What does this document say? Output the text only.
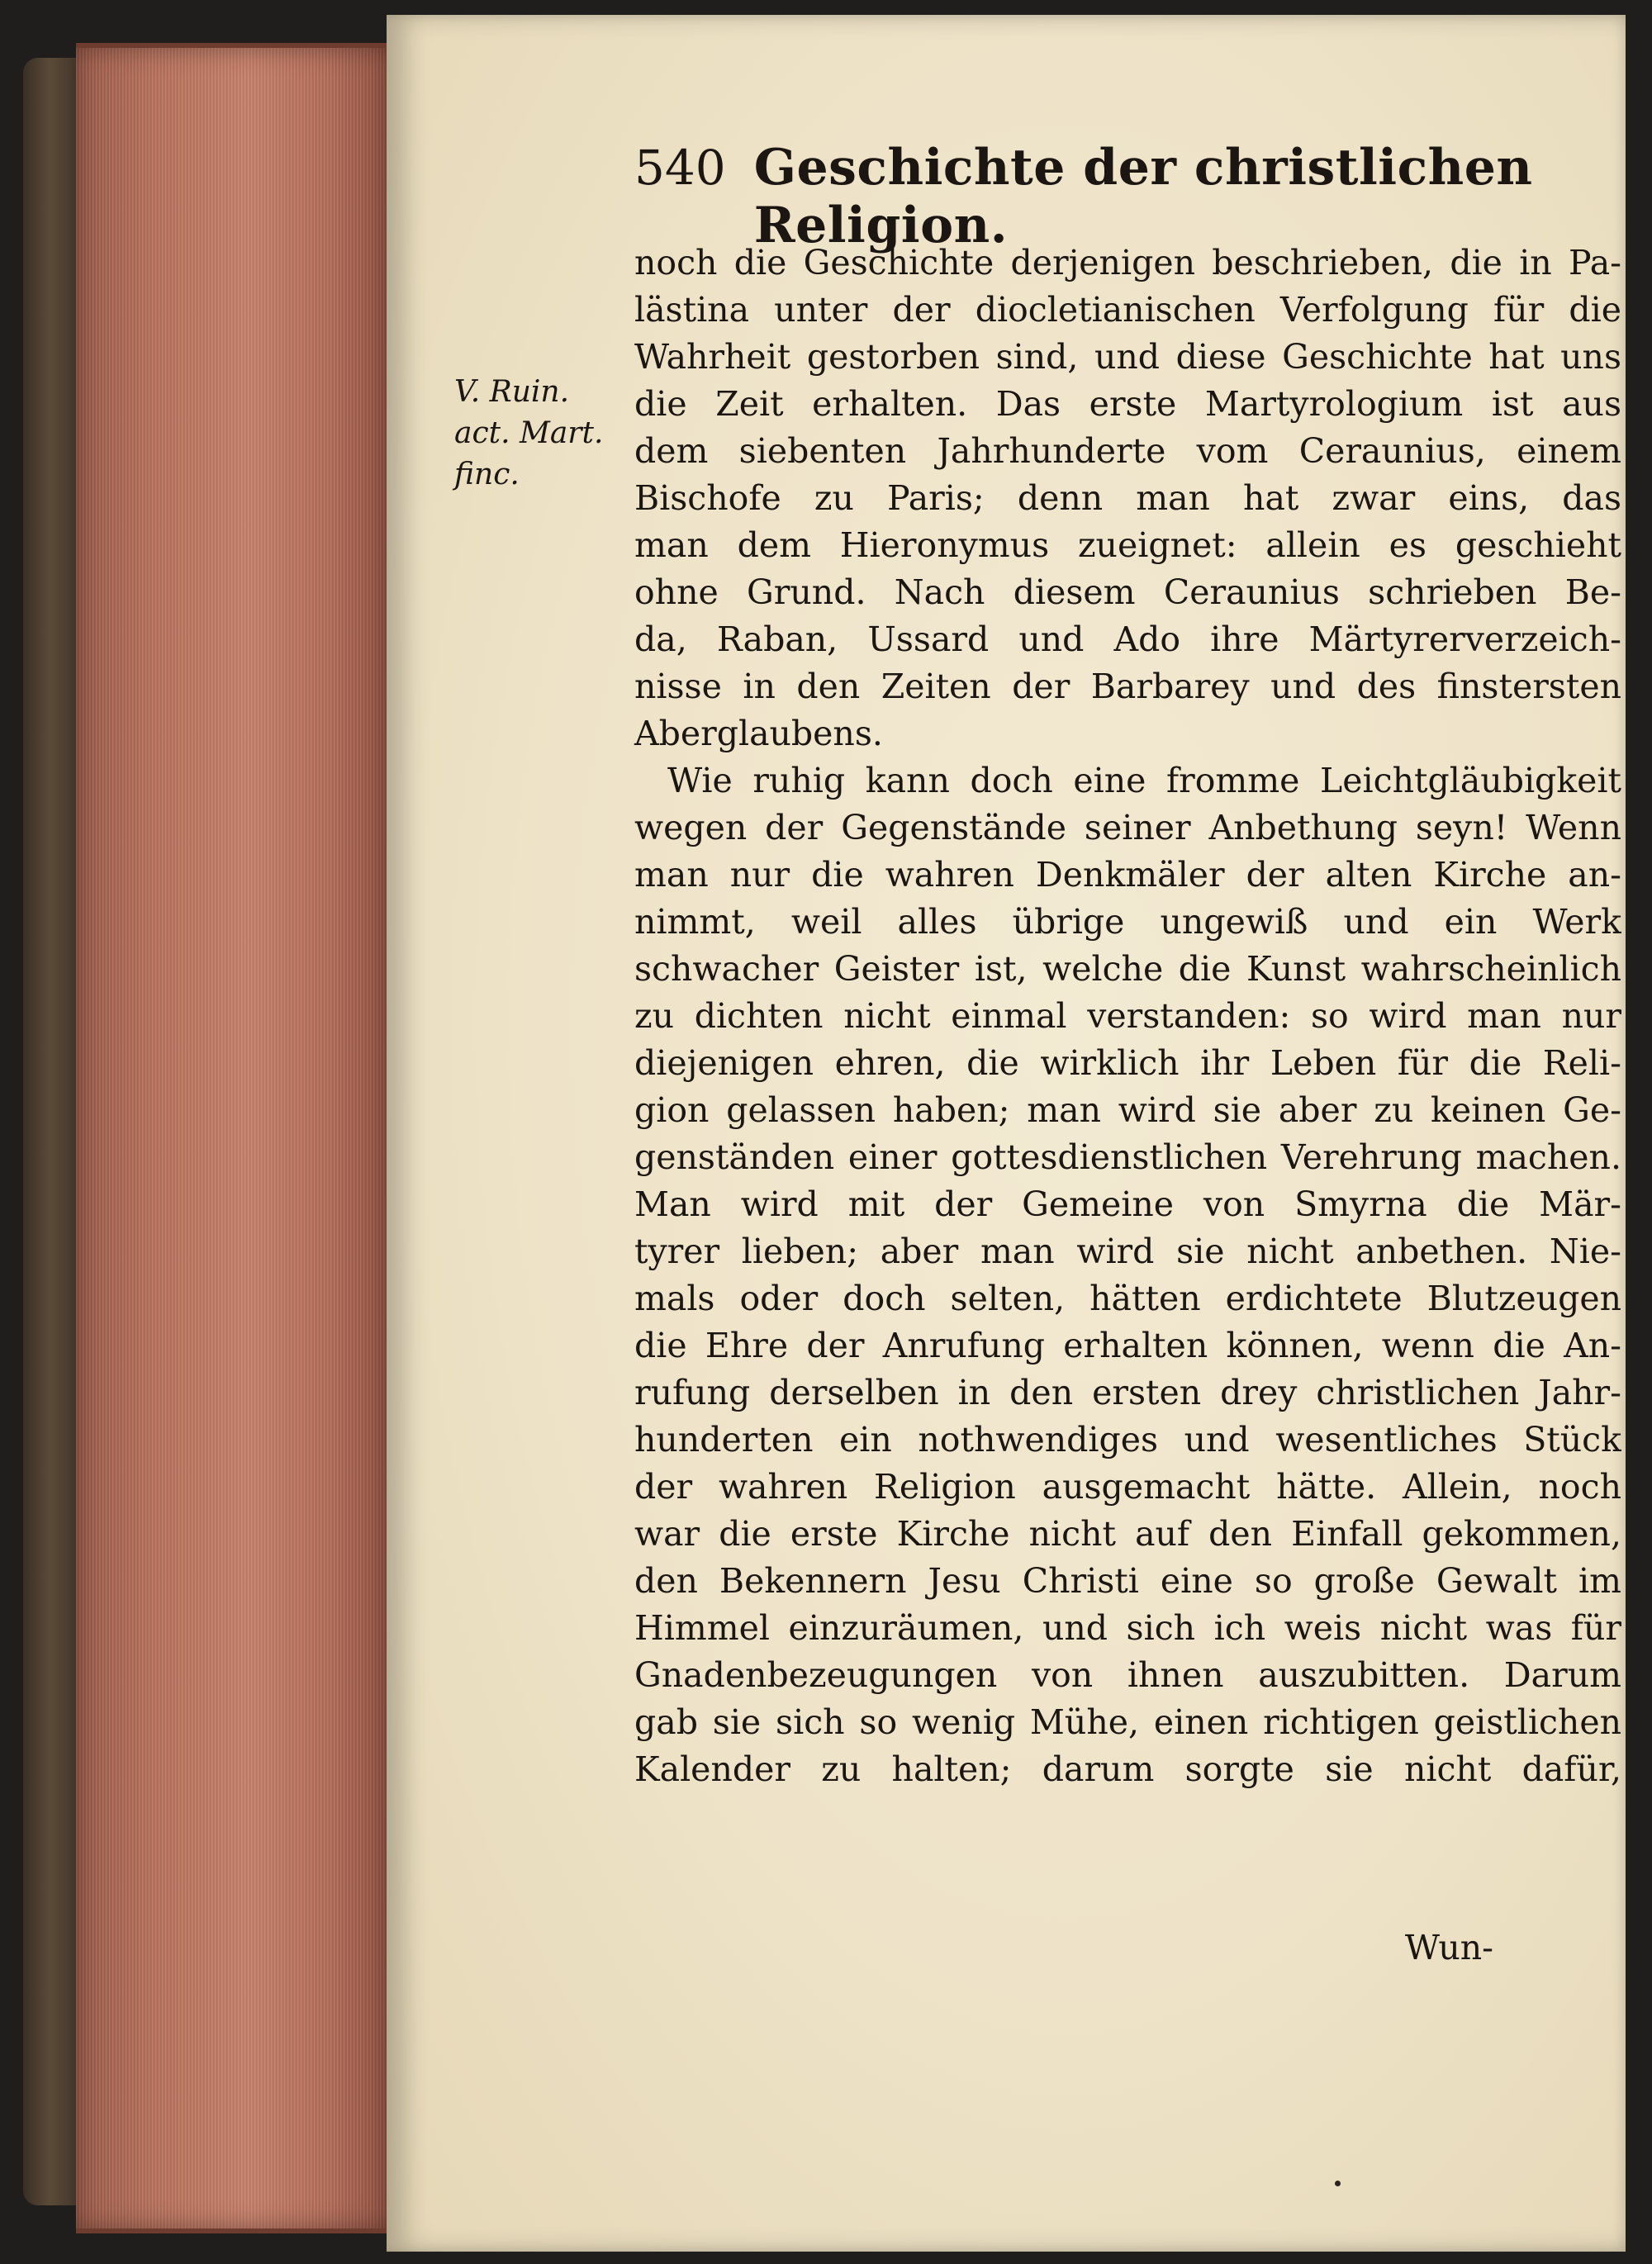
540 Geschichte der christlichen Religion.
V. Ruin.
act. Mart.
finc.
noch die Geschichte derjenigen beschrieben, die in Pa-
lästina unter der diocletianischen Verfolgung für die
Wahrheit gestorben sind, und diese Geschichte hat uns
die Zeit erhalten. Das erste Martyrologium ist aus
dem siebenten Jahrhunderte vom Ceraunius, einem
Bischofe zu Paris; denn man hat zwar eins, das
man dem Hieronymus zueignet: allein es geschieht
ohne Grund. Nach diesem Ceraunius schrieben Be-
da, Raban, Ussard und Ado ihre Märtyrerverzeich-
nisse in den Zeiten der Barbarey und des finstersten
Aberglaubens.
Wie ruhig kann doch eine fromme Leichtgläubigkeit
wegen der Gegenstände seiner Anbethung seyn! Wenn
man nur die wahren Denkmäler der alten Kirche an-
nimmt, weil alles übrige ungewiß und ein Werk
schwacher Geister ist, welche die Kunst wahrscheinlich
zu dichten nicht einmal verstanden: so wird man nur
diejenigen ehren, die wirklich ihr Leben für die Reli-
gion gelassen haben; man wird sie aber zu keinen Ge-
genständen einer gottesdienstlichen Verehrung machen.
Man wird mit der Gemeine von Smyrna die Mär-
tyrer lieben; aber man wird sie nicht anbethen. Nie-
mals oder doch selten, hätten erdichtete Blutzeugen
die Ehre der Anrufung erhalten können, wenn die An-
rufung derselben in den ersten drey christlichen Jahr-
hunderten ein nothwendiges und wesentliches Stück
der wahren Religion ausgemacht hätte. Allein, noch
war die erste Kirche nicht auf den Einfall gekommen,
den Bekennern Jesu Christi eine so große Gewalt im
Himmel einzuräumen, und sich ich weis nicht was für
Gnadenbezeugungen von ihnen auszubitten. Darum
gab sie sich so wenig Mühe, einen richtigen geistlichen
Kalender zu halten; darum sorgte sie nicht dafür,
Wun-
